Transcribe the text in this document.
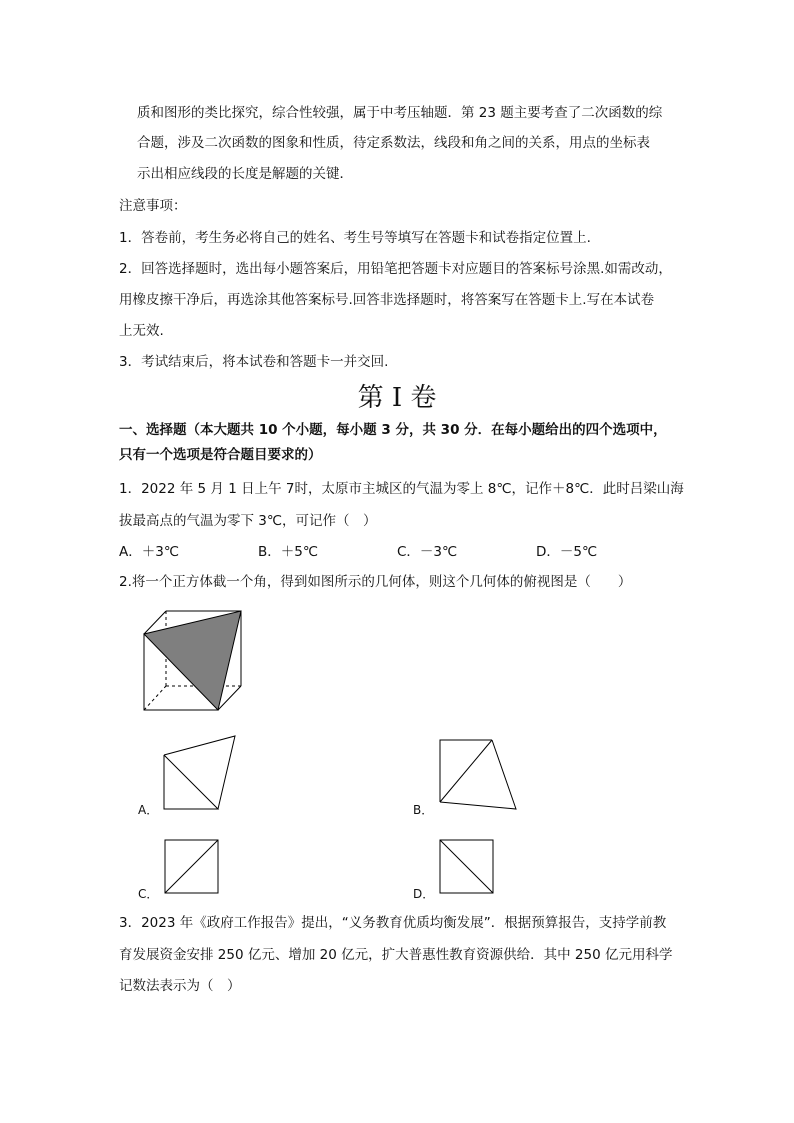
质和图形的类比探究，综合性较强，属于中考压轴题．第 23 题主要考查了二次函数的综
合题，涉及二次函数的图象和性质，待定系数法，线段和角之间的关系，用点的坐标表
示出相应线段的长度是解题的关键．
注意事项：
1．答卷前，考生务必将自己的姓名、考生号等填写在答题卡和试卷指定位置上.
2．回答选择题时，选出每小题答案后，用铅笔把答题卡对应题目的答案标号涂黑.如需改动，
用橡皮擦干净后，再选涂其他答案标号.回答非选择题时，将答案写在答题卡上.写在本试卷
上无效.
3．考试结束后，将本试卷和答题卡一并交回.
第 I 卷
一、选择题（本大题共 10 个小题，每小题 3 分，共 30 分．在每小题给出的四个选项中，
只有一个选项是符合题目要求的）
1．2022 年 5 月 1 日上午 7时，太原市主城区的气温为零上 8℃，记作＋8℃．此时吕梁山海
拔最高点的气温为零下 3℃，可记作（　）
A．＋3℃	B．＋5℃	C．－3℃	D．－5℃
2.将一个正方体截一个角，得到如图所示的几何体，则这个几何体的俯视图是（　　）
A．	B．
C．	D．
3．2023 年《政府工作报告》提出，“义务教育优质均衡发展”．根据预算报告，支持学前教
育发展资金安排 250 亿元、增加 20 亿元，扩大普惠性教育资源供给．其中 250 亿元用科学
记数法表示为（　）
